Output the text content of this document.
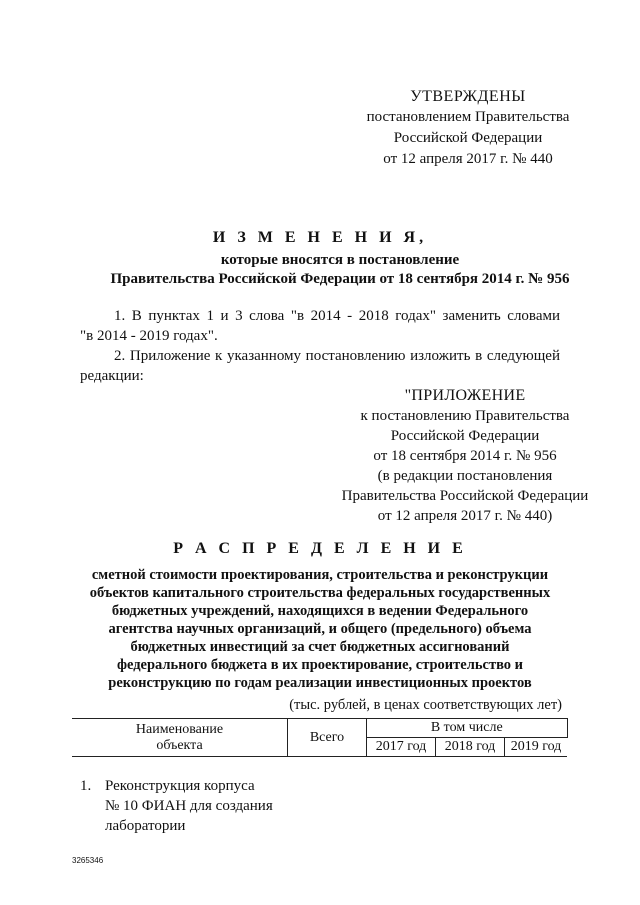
УТВЕРЖДЕНЫ
постановлением Правительства
Российской Федерации
от 12 апреля 2017 г. № 440
И З М Е Н Е Н И Я,
которые вносятся в постановление
Правительства Российской Федерации от 18 сентября 2014 г. № 956
1. В пунктах 1 и 3 слова "в 2014 - 2018 годах" заменить словами
"в 2014 - 2019 годах".
2. Приложение к указанному постановлению изложить в следующей
редакции:
"ПРИЛОЖЕНИЕ
к постановлению Правительства
Российской Федерации
от 18 сентября 2014 г. № 956
(в редакции постановления
Правительства Российской Федерации
от 12 апреля 2017 г. № 440)
Р А С П Р Е Д Е Л Е Н И Е
сметной стоимости проектирования, строительства и реконструкции
объектов капитального строительства федеральных государственных
бюджетных учреждений, находящихся в ведении Федерального
агентства научных организаций, и общего (предельного) объема
бюджетных инвестиций за счет бюджетных ассигнований
федерального бюджета в их проектирование, строительство и
реконструкцию по годам реализации инвестиционных проектов
(тыс. рублей, в ценах соответствующих лет)
Наименование
объекта	Всего	В том числе		
		2017 год	2018 год	2019 год
1. Реконструкция корпуса
№ 10 ФИАН для создания
лаборатории
3265346
